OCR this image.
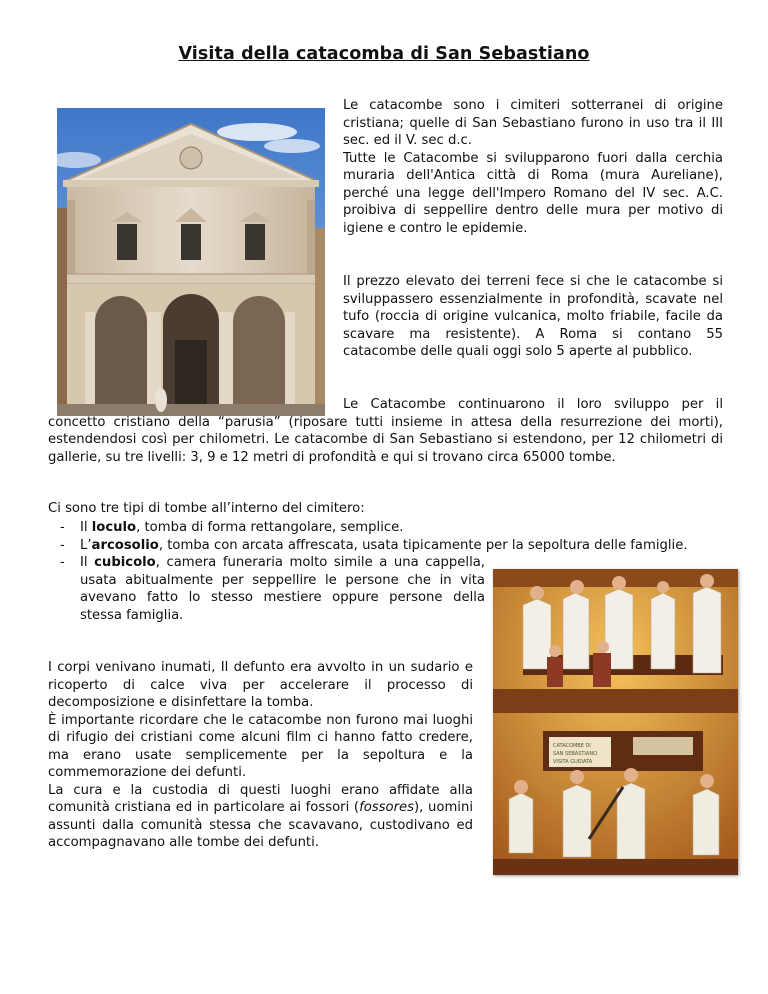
Visita della catacomba di San Sebastiano

Le catacombe sono i cimiteri sotterranei di origine cristiana; quelle di San Sebastiano furono in uso tra il III sec. ed il V. sec d.c.

Tutte le Catacombe si svilupparono fuori dalla cerchia muraria dell'Antica città di Roma (mura Aureliane), perché una legge dell'Impero Romano del IV sec. A.C. proibiva di seppellire dentro delle mura per motivo di igiene e contro le epidemie.

Il prezzo elevato dei terreni fece si che le catacombe si sviluppassero essenzialmente in profondità, scavate nel tufo (roccia di origine vulcanica, molto friabile, facile da scavare ma resistente). A Roma si contano 55 catacombe delle quali oggi solo 5 aperte al pubblico.

Le Catacombe continuarono il loro sviluppo per il concetto cristiano della “parusia” (riposare tutti insieme in attesa della resurrezione dei morti), estendendosi così per chilometri. Le catacombe di San Sebastiano si estendono, per 12 chilometri di gallerie, su tre livelli: 3, 9 e 12 metri di profondità e qui si trovano circa 65000 tombe.

Ci sono tre tipi di tombe all’interno del cimitero:

- Il loculo, tomba di forma rettangolare, semplice.
- L’arcosolio, tomba con arcata affrescata, usata tipicamente per la sepoltura delle famiglie.
- Il cubicolo, camera funeraria molto simile a una cappella, usata abitualmente per seppellire le persone che in vita avevano fatto lo stesso mestiere oppure persone della stessa famiglia.
CATACOMBE DI
SAN SEBASTIANO
VISITA GUIDATA

I corpi venivano inumati, Il defunto era avvolto in un sudario e ricoperto di calce viva per accelerare il processo di decomposizione e disinfettare la tomba.

È importante ricordare che le catacombe non furono mai luoghi di rifugio dei cristiani come alcuni film ci hanno fatto credere, ma erano usate semplicemente per la sepoltura e la commemorazione dei defunti.

La cura e la custodia di questi luoghi erano affidate alla comunità cristiana ed in particolare ai fossori (fossores), uomini assunti dalla comunità stessa che scavavano, custodivano ed accompagnavano alle tombe dei defunti.
